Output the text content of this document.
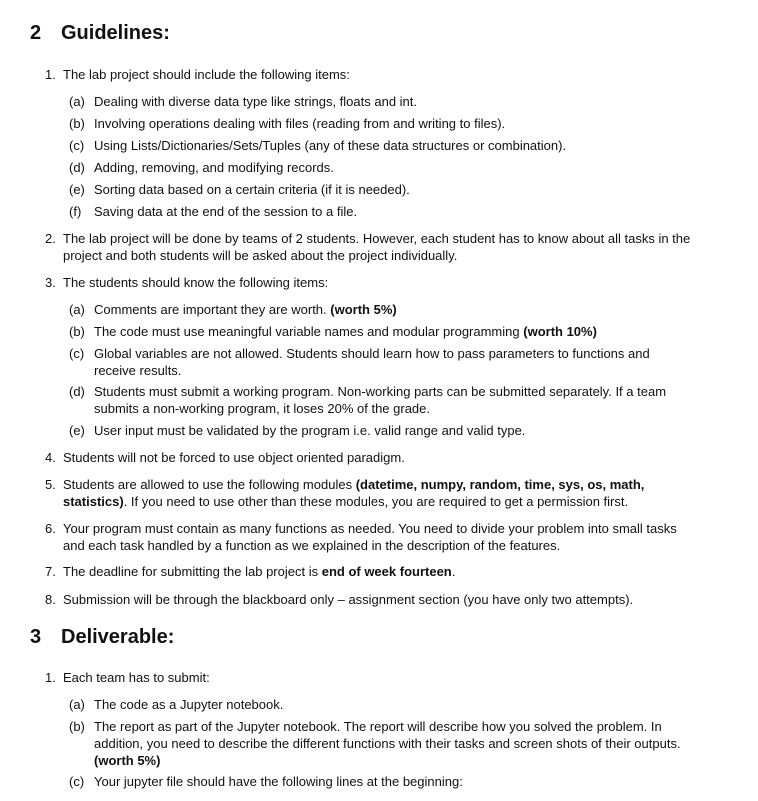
2 Guidelines:
1. The lab project should include the following items:
(a) Dealing with diverse data type like strings, floats and int.
(b) Involving operations dealing with files (reading from and writing to files).
(c) Using Lists/Dictionaries/Sets/Tuples (any of these data structures or combination).
(d) Adding, removing, and modifying records.
(e) Sorting data based on a certain criteria (if it is needed).
(f) Saving data at the end of the session to a file.
2. The lab project will be done by teams of 2 students. However, each student has to know about all tasks in the project and both students will be asked about the project individually.
3. The students should know the following items:
(a) Comments are important they are worth. (worth 5%)
(b) The code must use meaningful variable names and modular programming (worth 10%)
(c) Global variables are not allowed. Students should learn how to pass parameters to functions and receive results.
(d) Students must submit a working program. Non-working parts can be submitted separately. If a team submits a non-working program, it loses 20% of the grade.
(e) User input must be validated by the program i.e. valid range and valid type.
4. Students will not be forced to use object oriented paradigm.
5. Students are allowed to use the following modules (datetime, numpy, random, time, sys, os, math, statistics). If you need to use other than these modules, you are required to get a permission first.
6. Your program must contain as many functions as needed. You need to divide your problem into small tasks and each task handled by a function as we explained in the description of the features.
7. The deadline for submitting the lab project is end of week fourteen.
8. Submission will be through the blackboard only – assignment section (you have only two attempts).
3 Deliverable:
1. Each team has to submit:
(a) The code as a Jupyter notebook.
(b) The report as part of the Jupyter notebook. The report will describe how you solved the problem. In addition, you need to describe the different functions with their tasks and screen shots of their outputs. (worth 5%)
(c) Your jupyter file should have the following lines at the beginning:
